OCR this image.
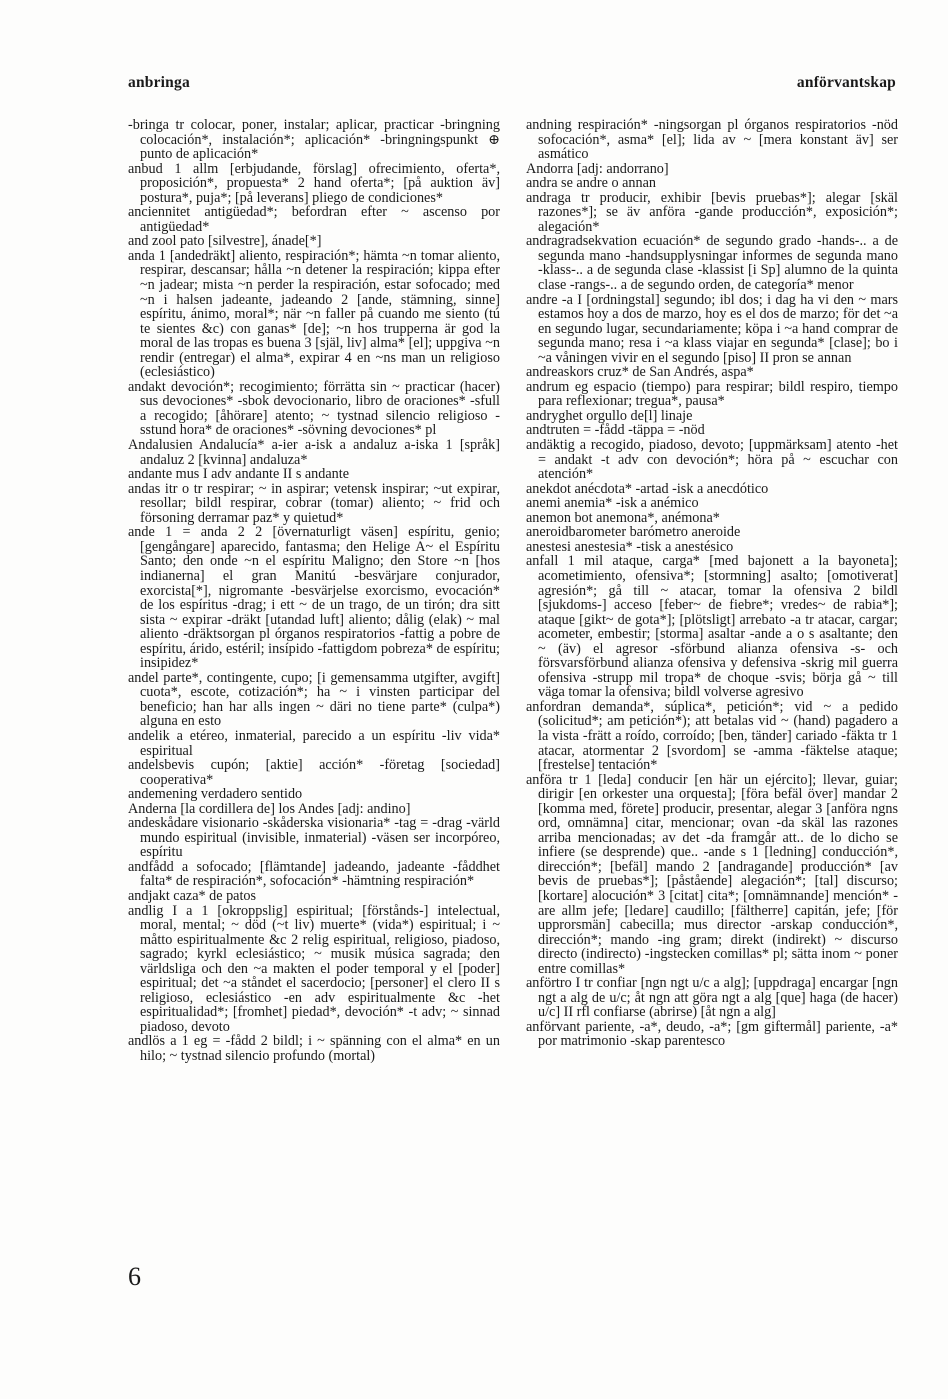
anbringa	anförvantskap
-bringa tr colocar, poner, instalar; aplicar, practicar -bringning colocación*, instalación*; aplicación* -bringningspunkt ⊕ punto de aplicación*
anbud 1 allm [erbjudande, förslag] ofrecimiento, oferta*, proposición*, propuesta* 2 hand oferta*; [på auktion äv] postura*, puja*; [på leverans] pliego de condiciones*
anciennitet antigüedad*; befordran efter ~ ascenso por antigüedad*
and zool pato [silvestre], ánade[*]
anda 1 [andedräkt] aliento, respiración*; hämta ~n tomar aliento, respirar, descansar; hålla ~n detener la respiración; kippa efter ~n jadear; mista ~n perder la respiración, estar sofocado; med ~n i halsen jadeante, jadeando 2 [ande, stämning, sinne] espíritu, ánimo, moral*; när ~n faller på cuando me siento (tú te sientes &c) con ganas* [de]; ~n hos trupperna är god la moral de las tropas es buena 3 [själ, liv] alma* [el]; uppgiva ~n rendir (entregar) el alma*, expirar 4 en ~ns man un religioso (eclesiástico)
andakt devoción*; recogimiento; förrätta sin ~ practicar (hacer) sus devociones* -sbok devocionario, libro de oraciones* -sfull a recogido; [åhörare] atento; ~ tystnad silencio religioso -sstund hora* de oraciones* -sövning devociones* pl
Andalusien Andalucía* a-ier a-isk a andaluz a-iska 1 [språk] andaluz 2 [kvinna] andaluza*
andante mus I adv andante II s andante
andas itr o tr respirar; ~ in aspirar; vetensk inspirar; ~ut expirar, resollar; bildl respirar, cobrar (tomar) aliento; ~ frid och försoning derramar paz* y quietud*
ande 1 = anda 2 2 [övernaturligt väsen] espíritu, genio; [gengångare] aparecido, fantasma; den Helige A~ el Espíritu Santo; den onde ~n el espíritu Maligno; den Store ~n [hos indianerna] el gran Manitú -besvärjare conjurador, exorcista[*], nigromante -besvärjelse exorcismo, evocación* de los espíritus -drag; i ett ~ de un trago, de un tirón; dra sitt sista ~ expirar -dräkt [utandad luft] aliento; dålig (elak) ~ mal aliento -dräktsorgan pl órganos respiratorios -fattig a pobre de espíritu, árido, estéril; insípido -fattigdom pobreza* de espíritu; insipidez*
andel parte*, contingente, cupo; [i gemensamma utgifter, avgift] cuota*, escote, cotización*; ha ~ i vinsten participar del beneficio; han har alls ingen ~ däri no tiene parte* (culpa*) alguna en esto
andelik a etéreo, inmaterial, parecido a un espíritu -liv vida* espiritual
andelsbevis cupón; [aktie] acción* -företag [sociedad] cooperativa*
andemening verdadero sentido
Anderna [la cordillera de] los Andes [adj: andino]
andeskådare visionario -skåderska visionaria* -tag = -drag -värld mundo espiritual (invisible, inmaterial) -väsen ser incorpóreo, espíritu
andfådd a sofocado; [flämtande] jadeando, jadeante -fåddhet falta* de respiración*, sofocación* -hämtning respiración*
andjakt caza* de patos
andlig I a 1 [okroppslig] espiritual; [förstånds-] intelectual, moral, mental; ~ död (~t liv) muerte* (vida*) espiritual; i ~ måtto espiritualmente &c 2 relig espiritual, religioso, piadoso, sagrado; kyrkl eclesiástico; ~ musik música sagrada; den världsliga och den ~a makten el poder temporal y el [poder] espiritual; det ~a ståndet el sacerdocio; [personer] el clero II s religioso, eclesiástico -en adv espiritualmente &c -het espiritualidad*; [fromhet] piedad*, devoción* -t adv; ~ sinnad piadoso, devoto
andlös a 1 eg = -fådd 2 bildl; i ~ spänning con el alma* en un hilo; ~ tystnad silencio profundo (mortal)
andning respiración* -ningsorgan pl órganos respiratorios -nöd sofocación*, asma* [el]; lida av ~ [mera konstant äv] ser asmático
Andorra [adj: andorrano]
andra se andre o annan
andraga tr producir, exhibir [bevis pruebas*]; alegar [skäl razones*]; se äv anföra -gande producción*, exposición*; alegación*
andragradsekvation ecuación* de segundo grado -hands-.. a de segunda mano -handsupplysningar informes de segunda mano -klass-.. a de segunda clase -klassist [i Sp] alumno de la quinta clase -rangs-.. a de segundo orden, de categoría* menor
andre -a I [ordningstal] segundo; ibl dos; i dag ha vi den ~ mars estamos hoy a dos de marzo, hoy es el dos de marzo; för det ~a en segundo lugar, secundariamente; köpa i ~a hand comprar de segunda mano; resa i ~a klass viajar en segunda* [clase]; bo i ~a våningen vivir en el segundo [piso] II pron se annan
andreaskors cruz* de San Andrés, aspa*
andrum eg espacio (tiempo) para respirar; bildl respiro, tiempo para reflexionar; tregua*, pausa*
andryghet orgullo de[l] linaje
andtruten = -fådd -täppa = -nöd
andäktig a recogido, piadoso, devoto; [uppmärksam] atento -het = andakt -t adv con devoción*; höra på ~ escuchar con atención*
anekdot anécdota* -artad -isk a anecdótico
anemi anemia* -isk a anémico
anemon bot anemona*, anémona*
aneroidbarometer barómetro aneroide
anestesi anestesia* -tisk a anestésico
anfall 1 mil ataque, carga* [med bajonett a la bayoneta]; acometimiento, ofensiva*; [stormning] asalto; [omotiverat] agresión*; gå till ~ atacar, tomar la ofensiva 2 bildl [sjukdoms-] acceso [feber~ de fiebre*; vredes~ de rabia*]; ataque [gikt~ de gota*]; [plötsligt] arrebato -a tr atacar, cargar; acometer, embestir; [storma] asaltar -ande a o s asaltante; den ~ (äv) el agresor -sförbund alianza ofensiva -s- och försvarsförbund alianza ofensiva y defensiva -skrig mil guerra ofensiva -strupp mil tropa* de choque -svis; börja gå ~ till väga tomar la ofensiva; bildl volverse agresivo
anfordran demanda*, súplica*, petición*; vid ~ a pedido (solicitud*; am petición*); att betalas vid ~ (hand) pagadero a la vista -frätt a roído, corroído; [ben, tänder] cariado -fäkta tr 1 atacar, atormentar 2 [svordom] se -amma -fäktelse ataque; [frestelse] tentación*
anföra tr 1 [leda] conducir [en här un ejército]; llevar, guiar; dirigir [en orkester una orquesta]; [föra befäl över] mandar 2 [komma med, förete] producir, presentar, alegar 3 [anföra ngns ord, omnämna] citar, mencionar; ovan -da skäl las razones arriba mencionadas; av det -da framgår att.. de lo dicho se infiere (se desprende) que.. -ande s 1 [ledning] conducción*, dirección*; [befäl] mando 2 [andragande] producción* [av bevis de pruebas*]; [påstående] alegación*; [tal] discurso; [kortare] alocución* 3 [citat] cita*; [omnämnande] mención* -are allm jefe; [ledare] caudillo; [fältherre] capitán, jefe; [för upprorsmän] cabecilla; mus director -arskap conducción*, dirección*; mando -ing gram; direkt (indirekt) ~ discurso directo (indirecto) -ingstecken comillas* pl; sätta inom ~ poner entre comillas*
anförtro I tr confiar [ngn ngt u/c a alg]; [uppdraga] encargar [ngn ngt a alg de u/c; åt ngn att göra ngt a alg [que] haga (de hacer) u/c] II rfl confiarse (abrirse) [åt ngn a alg]
anförvant pariente, -a*, deudo, -a*; [gm giftermål] pariente, -a* por matrimonio -skap parentesco
6
